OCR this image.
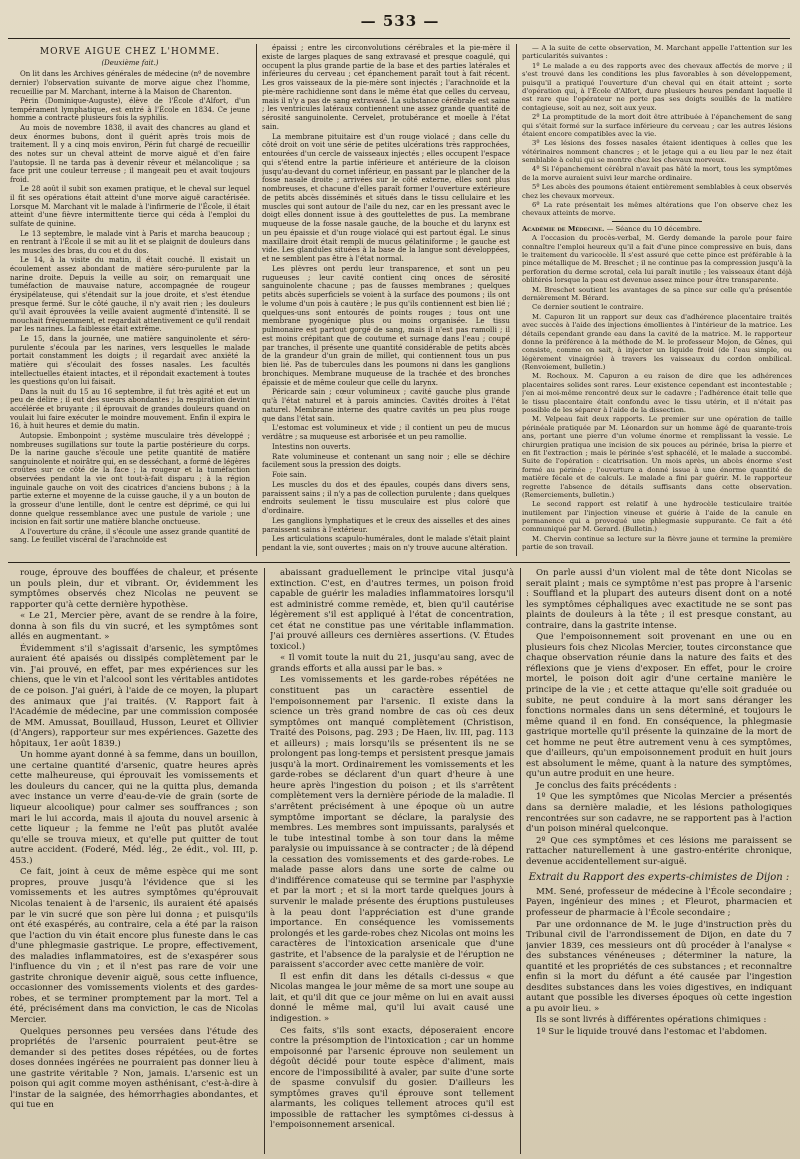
— 533 —

MORVE AIGUE CHEZ L'HOMME.

(Deuxième fait.)

On lit dans les Archives générales de médecine (nº de novembre dernier) l'observation suivante de morve aigue chez l'homme, recueillie par M. Marchant, interne à la Maison de Charenton.

Périn (Dominique-Auguste), élève de l'École d'Alfort, d'un tempérament lymphatique, est entré à l'École en 1834. Ce jeune homme a contracté plusieurs fois la syphilis.

Au mois de novembre 1838, il avait des chancres au gland et deux énormes bubons, dont il guérit après trois mois de traitement. Il y a cinq mois environ, Périn fut chargé de recueillir des notes sur un cheval atteint de morve aiguë et d'en faire l'autopsie. Il ne tarda pas à devenir rêveur et mélancolique ; sa face prit une couleur terreuse ; il mangeait peu et avait toujours froid.

Le 28 août il subit son examen pratique, et le cheval sur lequel il fit ses opérations était atteint d'une morve aiguë caractérisée. Lorsque M. Marchant vit le malade à l'infirmerie de l'École, il était atteint d'une fièvre intermittente tierce qui céda à l'emploi du sulfate de quinine.

Le 13 septembre, le malade vint à Paris et marcha beaucoup ; en rentrant à l'École il se mit au lit et se plaignit de douleurs dans les muscles des bras, du cou et du dos.

Le 14, à la visite du matin, il était couché. Il existait un écoulement assez abondant de matière séro-purulente par la narine droite. Depuis la veille au soir, on remarquait une tuméfaction de mauvaise nature, accompagnée de rougeur érysipélateuse, qui s'étendait sur la joue droite, et s'est étendue presque fermé. Sur le côté gauche, il n'y avait rien ; les douleurs qu'il avait éprouvées la veille avaient augmenté d'intensité. Il se mouchait fréquemment, et regardait attentivement ce qu'il rendait par les narines. La faiblesse était extrême.

Le 15, dans la journée, une matière sanguinolente et séro-purulente s'écoula par les narines, vers lesquelles le malade portait constamment les doigts ; il regardait avec anxiété la matière qui s'écoulait des fosses nasales. Les facultés intellectuelles étaient intactes, et il répondait exactement à toutes les questions qu'on lui faisait.

Dans la nuit du 15 au 16 septembre, il fut très agité et eut un peu de délire ; il eut des sueurs abondantes ; la respiration devint accélérée et bruyante ; il éprouvait de grandes douleurs quand on voulait lui faire exécuter le moindre mouvement. Enfin il expira le 16, à huit heures et demie du matin.

Autopsie. Embonpoint ; système musculaire très développé ; nombreuses sugillations sur toute la partie postérieure du corps. De la narine gauche s'écoule une petite quantité de matière sanguinolente et noirâtre qui, en se desséchant, a formé de légères croûtes sur ce côté de la face ; la rougeur et la tuméfaction observées pendant la vie ont tout-à-fait disparu ; à la région inguinale gauche on voit des cicatrices d'anciens bubons ; à la partie externe et moyenne de la cuisse gauche, il y a un bouton de la grosseur d'une lentille, dont le centre est déprimé, ce qui lui donne quelque ressemblance avec une pustule de variole ; une incision en fait sortir une matière blanche onctueuse.

A l'ouverture du crâne, il s'écoule une assez grande quantité de sang. Le feuillet viscéral de l'arachnoïde est

épaissi ; entre les circonvolutions cérébrales et la pie-mère il existe de larges plaques de sang extravasé et presque coagulé, qui occupent la plus grande partie de la base et des parties latérales et inférieures du cerveau ; cet épanchement paraît tout à fait récent. Les gros vaisseaux de la pie-mère sont injectés ; l'arachnoïde et la pie-mère rachidienne sont dans le même état que celles du cerveau, mais il n'y a pas de sang extravasé. La substance cérébrale est saine ; les ventricules latéraux contiennent une assez grande quantité de sérosité sanguinolente. Cervelet, protubérance et moelle à l'état sain.

La membrane pituitaire est d'un rouge violacé ; dans celle du côté droit on voit une série de petites ulcérations très rapprochées, entourées d'un cercle de vaisseaux injectés ; elles occupent l'espace qui s'étend entre la partie inférieure et antérieure de la cloison jusqu'au-devant du cornet inférieur, en passant par le plancher de la fosse nasale droite ; arrivées sur le côté externe, elles sont plus nombreuses, et chacune d'elles paraît former l'ouverture extérieure de petits abcès disséminés et situés dans le tissu cellulaire et les muscles qui sont autour de l'aile du nez, car en les pressant avec le doigt elles donnent issue à des gouttelettes de pus. La membrane muqueuse de la fosse nasale gauche, de la bouche et du larynx est un peu épaissie et d'un rouge violacé qui est partout égal. Le sinus maxillaire droit était rempli de mucus gélatiniforme ; le gauche est vide. Les glandules situées à la base de la langue sont développées, et ne semblent pas être à l'état normal.

Les plèvres ont perdu leur transparence, et sont un peu rugueuses ; leur cavité contient cinq onces de sérosité sanguinolente chacune ; pas de fausses membranes ; quelques petits abcès superficiels se voient à la surface des poumons ; ils ont le volume d'un pois à cautère ; le pus qu'ils contiennent est bien lié ; quelques-uns sont entourés de points rouges ; tous ont une membrane pyogénique plus ou moins organisée. Le tissu pulmonaire est partout gorgé de sang, mais il n'est pas ramolli ; il est moins crépitant que de coutume et surnage dans l'eau ; coupé par tranches, il présente une quantité considérable de petits abcès de la grandeur d'un grain de millet, qui contiennent tous un pus bien lié. Pas de tubercules dans les poumons ni dans les ganglions bronchiques. Membrane muqueuse de la trachée et des bronches épaissie et de même couleur que celle du larynx.

Péricarde sain ; cœur volumineux ; cavité gauche plus grande qu'à l'état naturel et à parois amincies. Cavités droites à l'état naturel. Membrane interne des quatre cavités un peu plus rouge que dans l'état sain.

L'estomac est volumineux et vide ; il contient un peu de mucus verdâtre ; sa muqueuse est arborisée et un peu ramollie.

Intestins non ouverts.

Rate volumineuse et contenant un sang noir ; elle se déchire facilement sous la pression des doigts.

Foie sain.

Les muscles du dos et des épaules, coupés dans divers sens, paraissent sains ; il n'y a pas de collection purulente ; dans quelques endroits seulement le tissu musculaire est plus coloré que d'ordinaire.

Les ganglions lymphatiques et le creux des aisselles et des aines paraissent sains à l'extérieur.

Les articulations scapulo-humérales, dont le malade s'était plaint pendant la vie, sont ouvertes ; mais on n'y trouve aucune altération.

— A la suite de cette observation, M. Marchant appelle l'attention sur les particularités suivantes :

1º Le malade a eu des rapports avec des chevaux affectés de morve ; il s'est trouvé dans les conditions les plus favorables à son développement, puisqu'il a pratiqué l'ouverture d'un cheval qui en était atteint ; sorte d'opération qui, à l'École d'Alfort, dure plusieurs heures pendant laquelle il est rare que l'opérateur ne porte pas ses doigts souillés de la matière contagieuse, soit au nez, soit aux yeux.

2º La promptitude de la mort doit être attribuée à l'épanchement de sang qui s'était formé sur la surface inférieure du cerveau ; car les autres lésions étaient encore compatibles avec la vie.

3º Les lésions des fosses nasales étaient identiques à celles que les vétérinaires nomment chancres ; et le jetage qui a eu lieu par le nez était semblable à celui qui se montre chez les chevaux morveux.

4º Si l'épanchement cérébral n'avait pas hâté la mort, tous les symptômes de la morve auraient suivi leur marche ordinaire.

5º Les abcès des poumons étaient entièrement semblables à ceux observés chez les chevaux morveux.

6º La rate présentait les mêmes altérations que l'on observe chez les chevaux atteints de morve.

Académie de Médecine. — Séance du 10 décembre.

A l'occasion du procès-verbal, M. Gerdy demande la parole pour faire connaître l'emploi heureux qu'il a fait d'une pince compressive en buis, dans le traitement du varicocèle. Il s'est assuré que cette pince est préférable à la pince métallique de M. Breschet ; il ne continue pas la compression jusqu'à la perforation du derme scrotal, cela lui paraît inutile ; les vaisseaux étant déjà oblitérés lorsque la peau est devenue assez mince pour être transparente.

M. Breschet soutient les avantages de sa pince sur celle qu'a présentée dernièrement M. Bérard.

Ce dernier soutient le contraire.

M. Capuron lit un rapport sur deux cas d'adhérence placentaire traités avec succès à l'aide des injections émollientes à l'intérieur de la matrice. Les détails cependant grande eau dans la cavité de la matrice. M. le rapporteur donne la préférence à la méthode de M. le professeur Mojon, de Gênes, qui consiste, comme on sait, à injecter un liquide froid (de l'eau simple, ou légèrement vinaigrée) à travers les vaisseaux du cordon ombilical. (Renvoiement, bulletin.)

M. Rochoux. M. Capuron a eu raison de dire que les adhérences placentaires solides sont rares. Leur existence cependant est incontestable ; j'en ai moi-même rencontré deux sur le cadavre ; l'adhérence était telle que le tissu placentaire était confondu avec le tissu utérin, et il n'était pas possible de les séparer à l'aide de la dissection.

M. Velpeau fait deux rapports. Le premier sur une opération de taille périnéale pratiquée par M. Léonardon sur un homme âgé de quarante-trois ans, portant une pierre d'un volume énorme et remplissant la vessie. Le chirurgien pratiqua une incision de six pouces au périnée, brisa la pierre et en fit l'extraction ; mais le périnée s'est sphacélé, et le malade a succombé. Suite de l'opération : cicatrisation. Un mois après, un abcès énorme s'est formé au périnée ; l'ouverture a donné issue à une énorme quantité de matière fécale et de calculs. Le malade a fini par guérir. M. le rapporteur regrette l'absence de détails suffisants dans cette observation. (Remerciements, bulletin.)

Le second rapport est relatif à une hydrocèle testiculaire traitée inutilement par l'injection vineuse et guérie à l'aide de la canule en permanence qui a provoqué une phlegmasie suppurante. Ce fait a été communiqué par M. Gerard. (Bulletin.)

M. Chervin continue sa lecture sur la fièvre jaune et termine la première partie de son travail.

rouge, éprouve des bouffées de chaleur, et présente un pouls plein, dur et vibrant. Or, évidemment les symptômes observés chez Nicolas ne peuvent se rapporter qu'à cette dernière hypothèse.

« Le 21, Mercier père, avant de se rendre à la foire, donna à son fils du vin sucré, et les symptômes sont allés en augmentant. »

Évidemment s'il s'agissait d'arsenic, les symptômes auraient été apaisés ou dissipés complètement par le vin. J'ai prouvé, en effet, par mes expériences sur les chiens, que le vin et l'alcool sont les véritables antidotes de ce poison. J'ai guéri, à l'aide de ce moyen, la plupart des animaux que j'ai traités. (V. Rapport fait à l'Académie de médecine, par une commission composée de MM. Amussat, Bouillaud, Husson, Leuret et Ollivier (d'Angers), rapporteur sur mes expériences. Gazette des hôpitaux, 1er août 1839.)

Un homme ayant donné à sa femme, dans un bouillon, une certaine quantité d'arsenic, quatre heures après cette malheureuse, qui éprouvait les vomissements et les douleurs du cancer, qui ne la quitta plus, demanda avec instance un verre d'eau-de-vie de grain (sorte de liqueur alcoolique) pour calmer ses souffrances ; son mari le lui accorda, mais il ajouta du nouvel arsenic à cette liqueur ; la femme ne l'eût pas plutôt avalée qu'elle se trouva mieux, et qu'elle put quitter de tout autre accident. (Foderé, Méd. lég., 2e édit., vol. III, p. 453.)

Ce fait, joint à ceux de même espèce qui me sont propres, prouve jusqu'à l'évidence que si les vomissements et les autres symptômes qu'éprouvait Nicolas tenaient à de l'arsenic, ils auraient été apaisés par le vin sucré que son père lui donna ; et puisqu'ils ont été exaspérés, au contraire, cela a été par la raison que l'action du vin était encore plus funeste dans le cas d'une phlegmasie gastrique. Le propre, effectivement, des maladies inflammatoires, est de s'exaspérer sous l'influence du vin ; et il n'est pas rare de voir une gastrite chronique devenir aiguë, sous cette influence, occasionner des vomissements violents et des gardes-robes, et se terminer promptement par la mort. Tel a été, précisément dans ma conviction, le cas de Nicolas Mercier.

Quelques personnes peu versées dans l'étude des propriétés de l'arsenic pourraient peut-être se demander si des petites doses répétées, ou de fortes doses données ingérées ne pourraient pas donner lieu à une gastrite véritable ? Non, jamais. L'arsenic est un poison qui agit comme moyen asthénisant, c'est-à-dire à l'instar de la saignée, des hémorrhagies abondantes, et qui tue en

abaissant graduellement le principe vital jusqu'à extinction. C'est, en d'autres termes, un poison froid capable de guérir les maladies inflammatoires lorsqu'il est administré comme remède, et, bien qu'il cautérise légèrement s'il est appliqué à l'état de concentration, cet état ne constitue pas une véritable inflammation. J'ai prouvé ailleurs ces dernières assertions. (V. Études toxicol.)

« Il vomit toute la nuit du 21, jusqu'au sang, avec de grands efforts et alla aussi par le bas. »

Les vomissements et les garde-robes répétées ne constituent pas un caractère essentiel de l'empoisonnement par l'arsenic. Il existe dans la science un très grand nombre de cas où ces deux symptômes ont manqué complètement (Christison, Traité des Poisons, pag. 293 ; De Haen, liv. III, pag. 113 et ailleurs) ; mais lorsqu'ils se présentent ils ne se prolongent pas long-temps et persistent presque jamais jusqu'à la mort. Ordinairement les vomissements et les garde-robes se déclarent d'un quart d'heure à une heure après l'ingestion du poison ; et ils s'arrêtent complètement vers la dernière période de la maladie. Il s'arrêtent précisément à une époque où un autre symptôme important se déclare, la paralysie des membres. Les membres sont impuissants, paralysés et le tube intestinal tombe à son tour dans la même paralysie ou impuissance à se contracter ; de là dépend la cessation des vomissements et des garde-robes. Le malade passe alors dans une sorte de calme ou d'indifférence comateuse qui se termine par l'asphyxie et par la mort ; et si la mort tarde quelques jours à survenir le malade présente des éruptions pustuleuses à la peau dont l'appréciation est d'une grande importance. En conséquence les vomissements prolongés et les garde-robes chez Nicolas ont moins les caractères de l'intoxication arsenicale que d'une gastrite, et l'absence de la paralysie et de l'éruption ne paraissent s'accorder avec cette manière de voir.

Il est enfin dit dans les détails ci-dessus « que Nicolas mangea le jour même de sa mort une soupe au lait, et qu'il dit que ce jour même on lui en avait aussi donné le même mal, qu'il lui avait causé une indigestion. »

Ces faits, s'ils sont exacts, déposeraient encore contre la présomption de l'intoxication ; car un homme empoisonné par l'arsenic éprouve non seulement un dégoût décidé pour toute espèce d'aliment, mais encore de l'impossibilité à avaler, par suite d'une sorte de spasme convulsif du gosier. D'ailleurs les symptômes graves qu'il éprouve sont tellement alarmants, les coliques tellement atroces qu'il est impossible de rattacher les symptômes ci-dessus à l'empoisonnement arsenical.

On parle aussi d'un violent mal de tête dont Nicolas se serait plaint ; mais ce symptôme n'est pas propre à l'arsenic : Souffland et la plupart des auteurs disent dont on a noté les symptômes céphaliques avec exactitude ne se sont pas plaints de douleurs à la tête ; il est presque constant, au contraire, dans la gastrite intense.

Que l'empoisonnement soit provenant en une ou en plusieurs fois chez Nicolas Mercier, toutes circonstance que chaque observation réunie dans la nature des faits et des réflexions que je viens d'exposer. En effet, pour le croire mortel, le poison doit agir d'une certaine manière le principe de la vie ; et cette attaque qu'elle soit graduée ou subite, ne peut conduire à la mort sans déranger les fonctions normales dans un sens déterminé, et toujours le même quand il en fond. En conséquence, la phlegmasie gastrique mortelle qu'il présente la quinzaine de la mort de cet homme ne peut être autrement venu à ces symptômes, que d'ailleurs, qu'un empoisonnement produit en huit jours est absolument le même, quant à la nature des symptômes, qu'un autre produit en une heure.

Je conclus des faits précédents :

1º Que les symptômes que Nicolas Mercier a présentés dans sa dernière maladie, et les lésions pathologiques rencontrées sur son cadavre, ne se rapportent pas à l'action d'un poison minéral quelconque.

2º Que ces symptômes et ces lésions me paraissent se rattacher naturellement à une gastro-entérite chronique, devenue accidentellement sur-aiguë.

Extrait du Rapport des experts-chimistes de Dijon :

MM. Sené, professeur de médecine à l'École secondaire ; Payen, ingénieur des mines ; et Fleurot, pharmacien et professeur de pharmacie à l'École secondaire ;

Par une ordonnance de M. le juge d'instruction près du Tribunal civil de l'arrondissement de Dijon, en date du 7 janvier 1839, ces messieurs ont dû procéder à l'analyse « des substances vénéneuses ; déterminer la nature, la quantité et les propriétés de ces substances ; et reconnaître enfin si la mort du défunt a été causée par l'ingestion desdites substances dans les voies digestives, en indiquant autant que possible les diverses époques où cette ingestion a pu avoir lieu. »

Ils se sont livrés à différentes opérations chimiques :

1º Sur le liquide trouvé dans l'estomac et l'abdomen.
